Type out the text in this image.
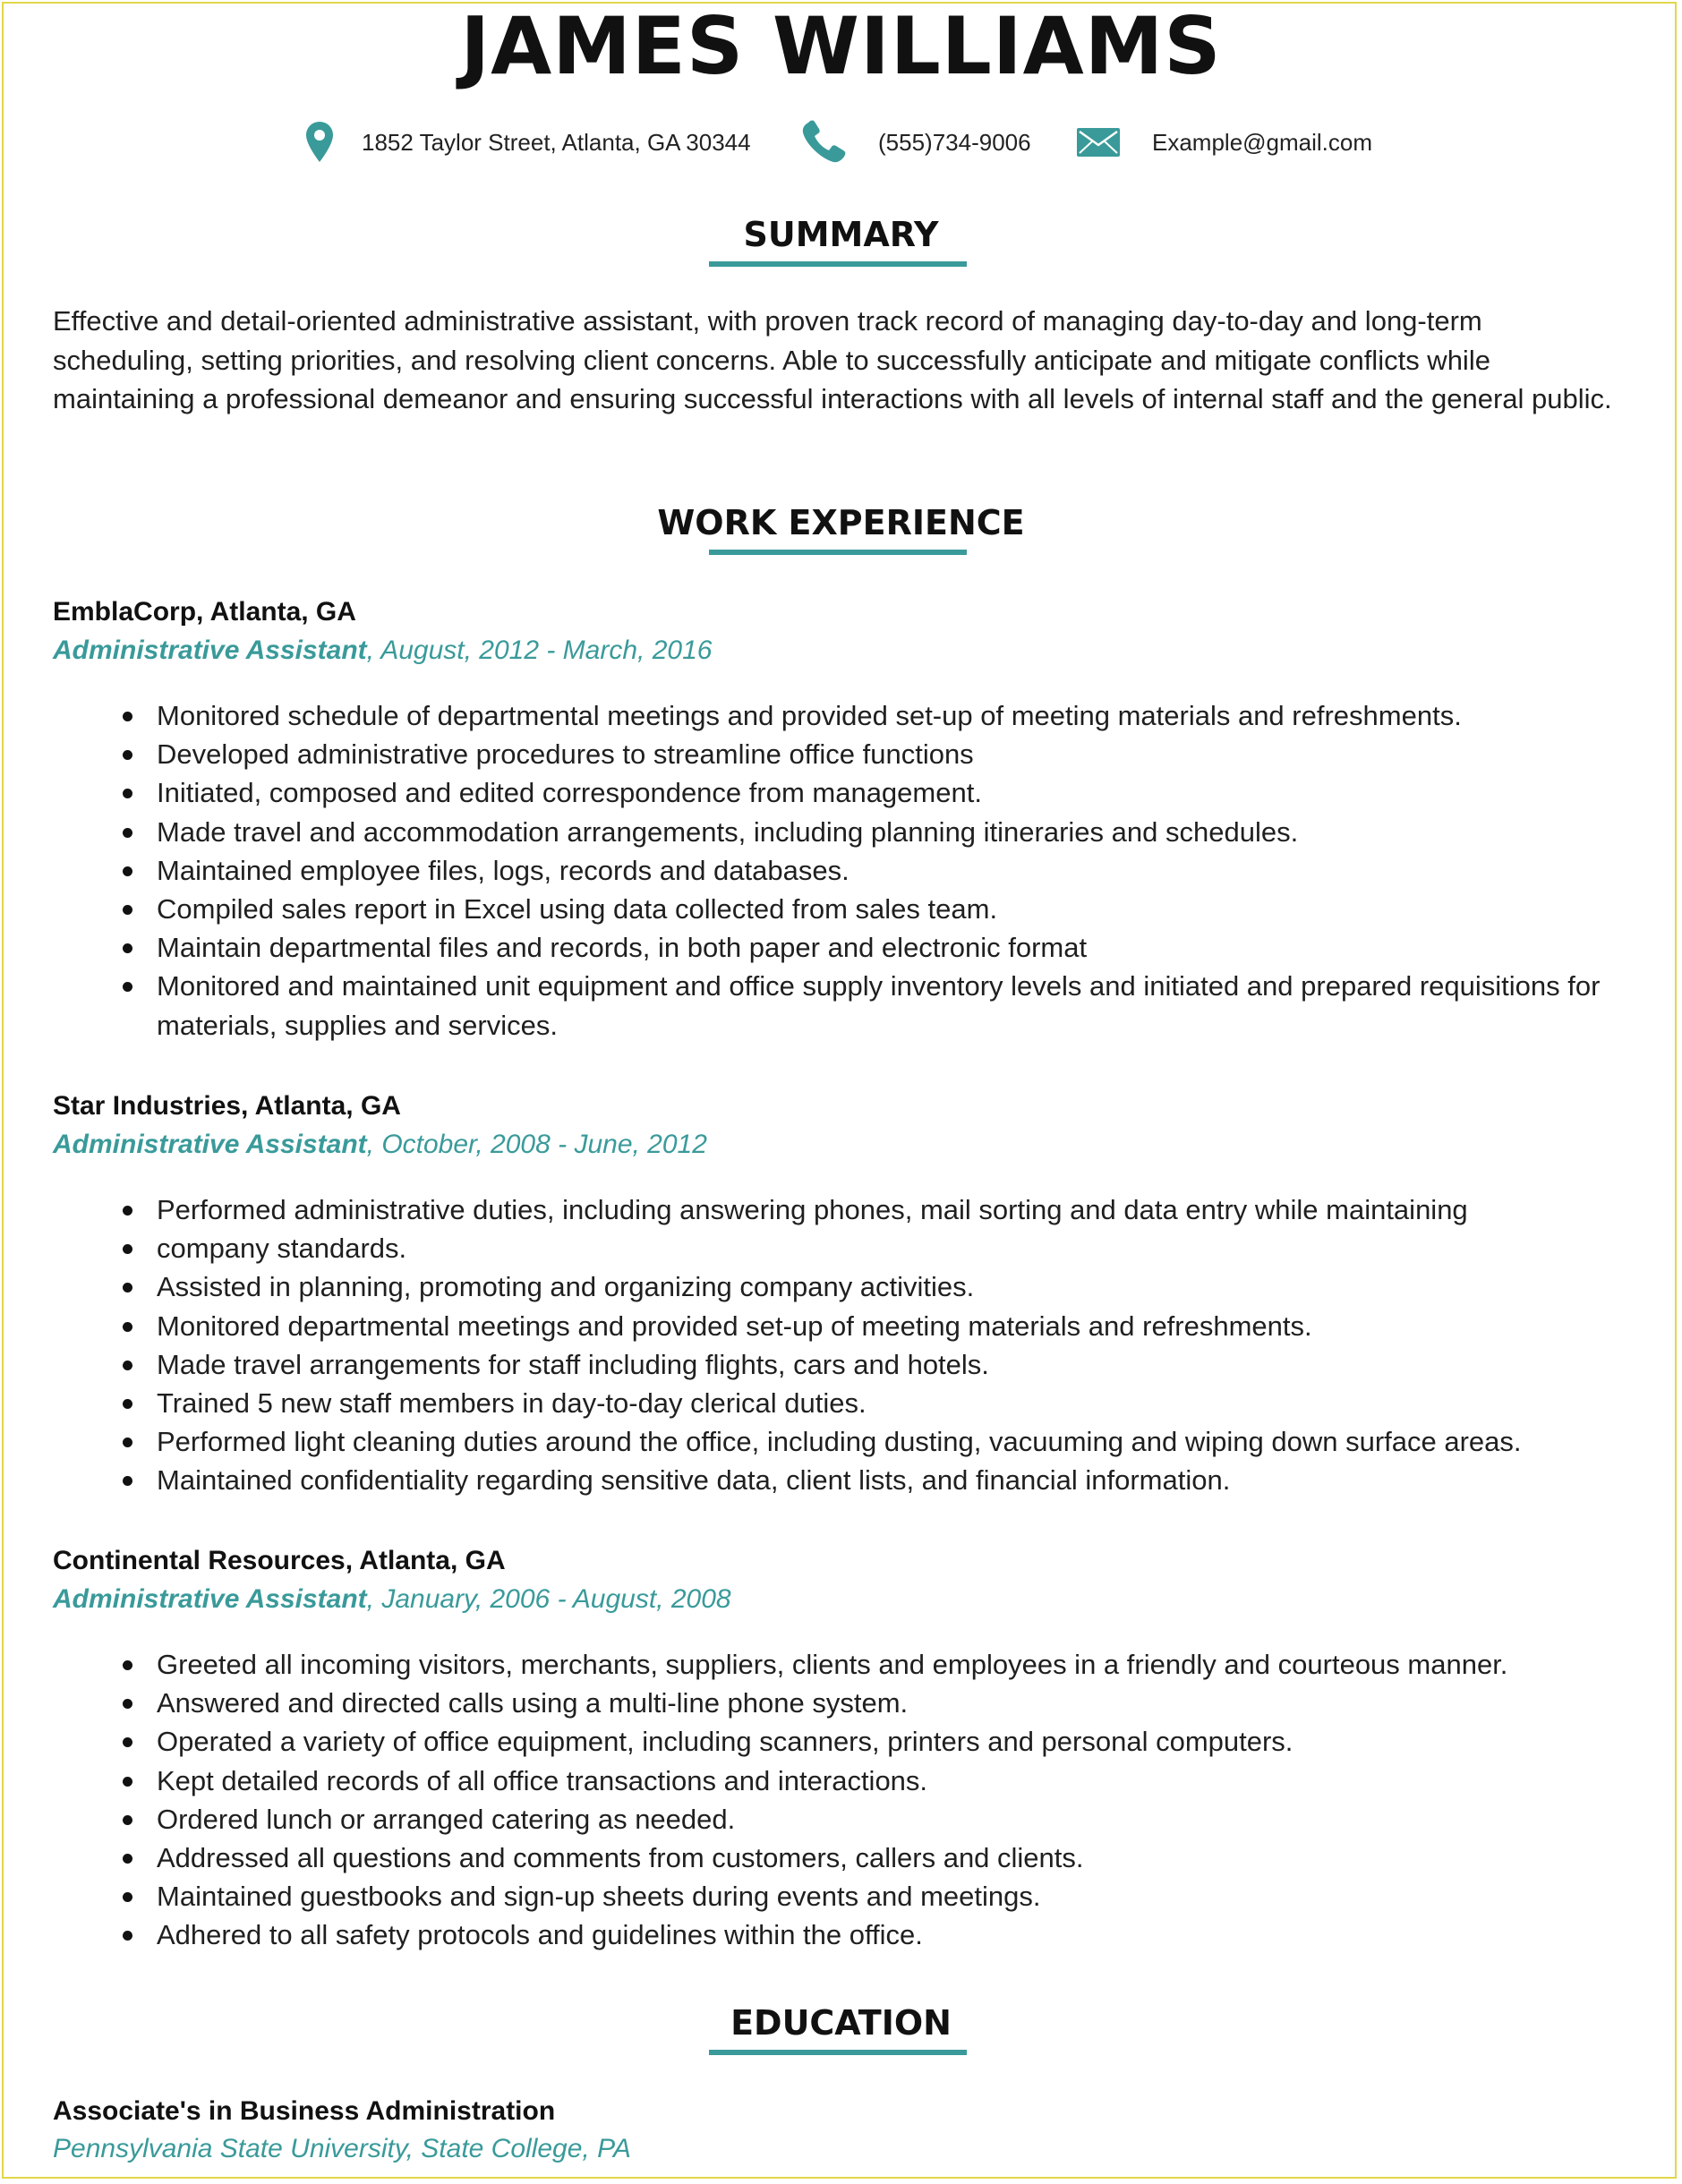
JAMES WILLIAMS
1852 Taylor Street, Atlanta, GA 30344	(555)734-9006	Example@gmail.com
SUMMARY
Effective and detail-oriented administrative assistant, with proven track record of managing day-to-day and long-term scheduling, setting priorities, and resolving client concerns. Able to successfully anticipate and mitigate conflicts while maintaining a professional demeanor and ensuring successful interactions with all levels of internal staff and the general public.
WORK EXPERIENCE
EmblaCorp, Atlanta, GA
Administrative Assistant, August, 2012 - March, 2016
Monitored schedule of departmental meetings and provided set-up of meeting materials and refreshments.
Developed administrative procedures to streamline office functions
Initiated, composed and edited correspondence from management.
Made travel and accommodation arrangements, including planning itineraries and schedules.
Maintained employee files, logs, records and databases.
Compiled sales report in Excel using data collected from sales team.
Maintain departmental files and records, in both paper and electronic format
Monitored and maintained unit equipment and office supply inventory levels and initiated and prepared requisitions for materials, supplies and services.
Star Industries, Atlanta, GA
Administrative Assistant, October, 2008 - June, 2012
Performed administrative duties, including answering phones, mail sorting and data entry while maintaining
company standards.
Assisted in planning, promoting and organizing company activities.
Monitored departmental meetings and provided set-up of meeting materials and refreshments.
Made travel arrangements for staff including flights, cars and hotels.
Trained 5 new staff members in day-to-day clerical duties.
Performed light cleaning duties around the office, including dusting, vacuuming and wiping down surface areas.
Maintained confidentiality regarding sensitive data, client lists, and financial information.
Continental Resources, Atlanta, GA
Administrative Assistant, January, 2006 - August, 2008
Greeted all incoming visitors, merchants, suppliers, clients and employees in a friendly and courteous manner.
Answered and directed calls using a multi-line phone system.
Operated a variety of office equipment, including scanners, printers and personal computers.
Kept detailed records of all office transactions and interactions.
Ordered lunch or arranged catering as needed.
Addressed all questions and comments from customers, callers and clients.
Maintained guestbooks and sign-up sheets during events and meetings.
Adhered to all safety protocols and guidelines within the office.
EDUCATION
Associate's in Business Administration
Pennsylvania State University, State College, PA
